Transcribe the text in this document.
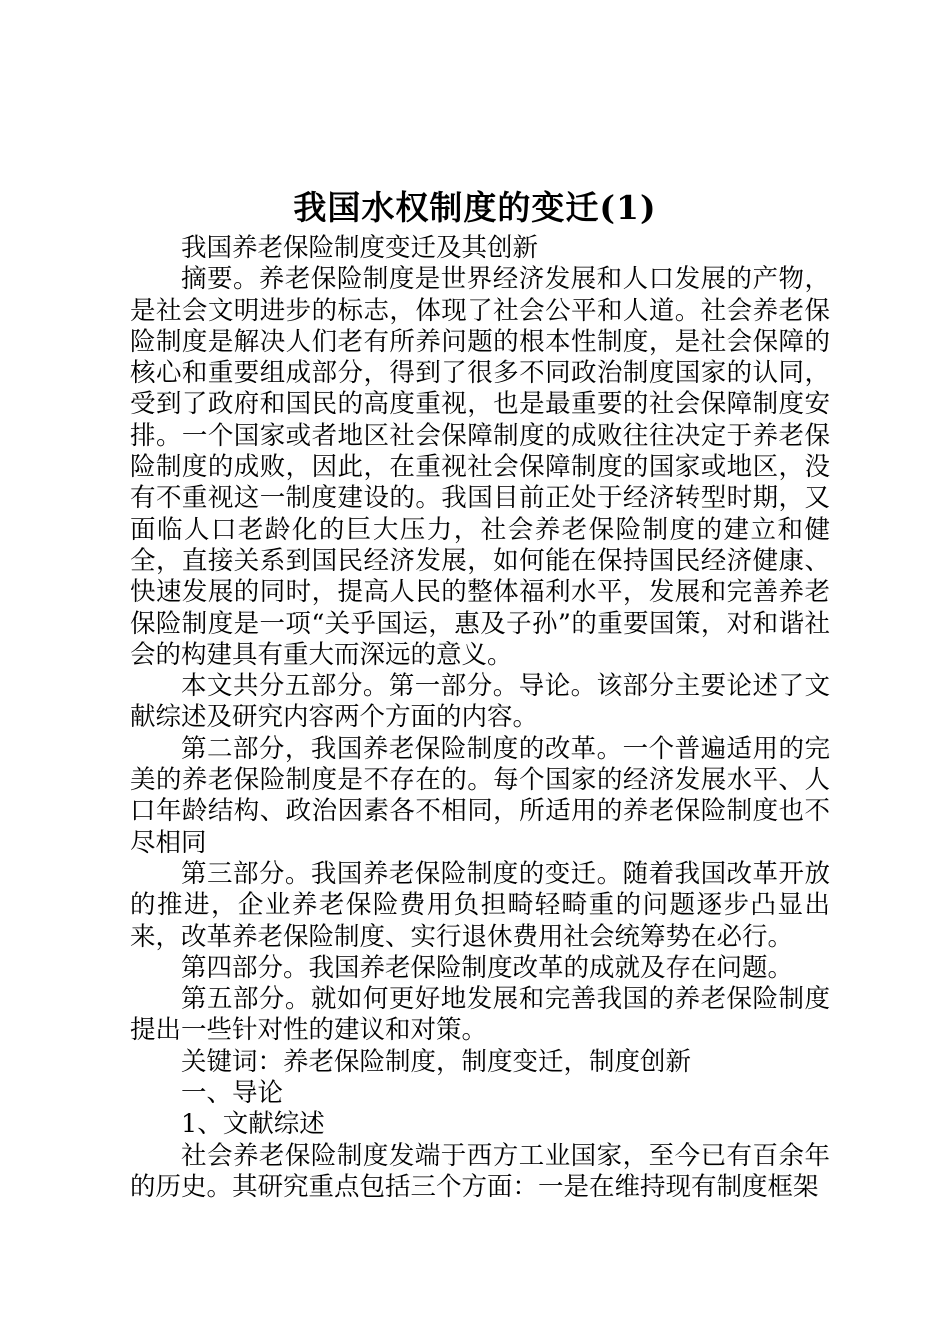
我国水权制度的变迁(1)

我国养老保险制度变迁及其创新

摘要。养老保险制度是世界经济发展和人口发展的产物，是社会文明进步的标志，体现了社会公平和人道。社会养老保险制度是解决人们老有所养问题的根本性制度，是社会保障的核心和重要组成部分，得到了很多不同政治制度国家的认同，受到了政府和国民的高度重视，也是最重要的社会保障制度安排。一个国家或者地区社会保障制度的成败往往决定于养老保险制度的成败，因此，在重视社会保障制度的国家或地区，没有不重视这一制度建设的。我国目前正处于经济转型时期，又面临人口老龄化的巨大压力，社会养老保险制度的建立和健全，直接关系到国民经济发展，如何能在保持国民经济健康、快速发展的同时，提高人民的整体福利水平，发展和完善养老保险制度是一项“关乎国运，惠及子孙”的重要国策，对和谐社会的构建具有重大而深远的意义。

本文共分五部分。第一部分。导论。该部分主要论述了文献综述及研究内容两个方面的内容。

第二部分，我国养老保险制度的改革。一个普遍适用的完美的养老保险制度是不存在的。每个国家的经济发展水平、人口年龄结构、政治因素各不相同，所适用的养老保险制度也不尽相同

第三部分。我国养老保险制度的变迁。随着我国改革开放的推进，企业养老保险费用负担畸轻畸重的问题逐步凸显出来，改革养老保险制度、实行退休费用社会统筹势在必行。

第四部分。我国养老保险制度改革的成就及存在问题。

第五部分。就如何更好地发展和完善我国的养老保险制度提出一些针对性的建议和对策。

关键词：养老保险制度，制度变迁，制度创新

一、导论

1、文献综述

社会养老保险制度发端于西方工业国家，至今已有百余年的历史。其研究重点包括三个方面：一是在维持现有制度框架
